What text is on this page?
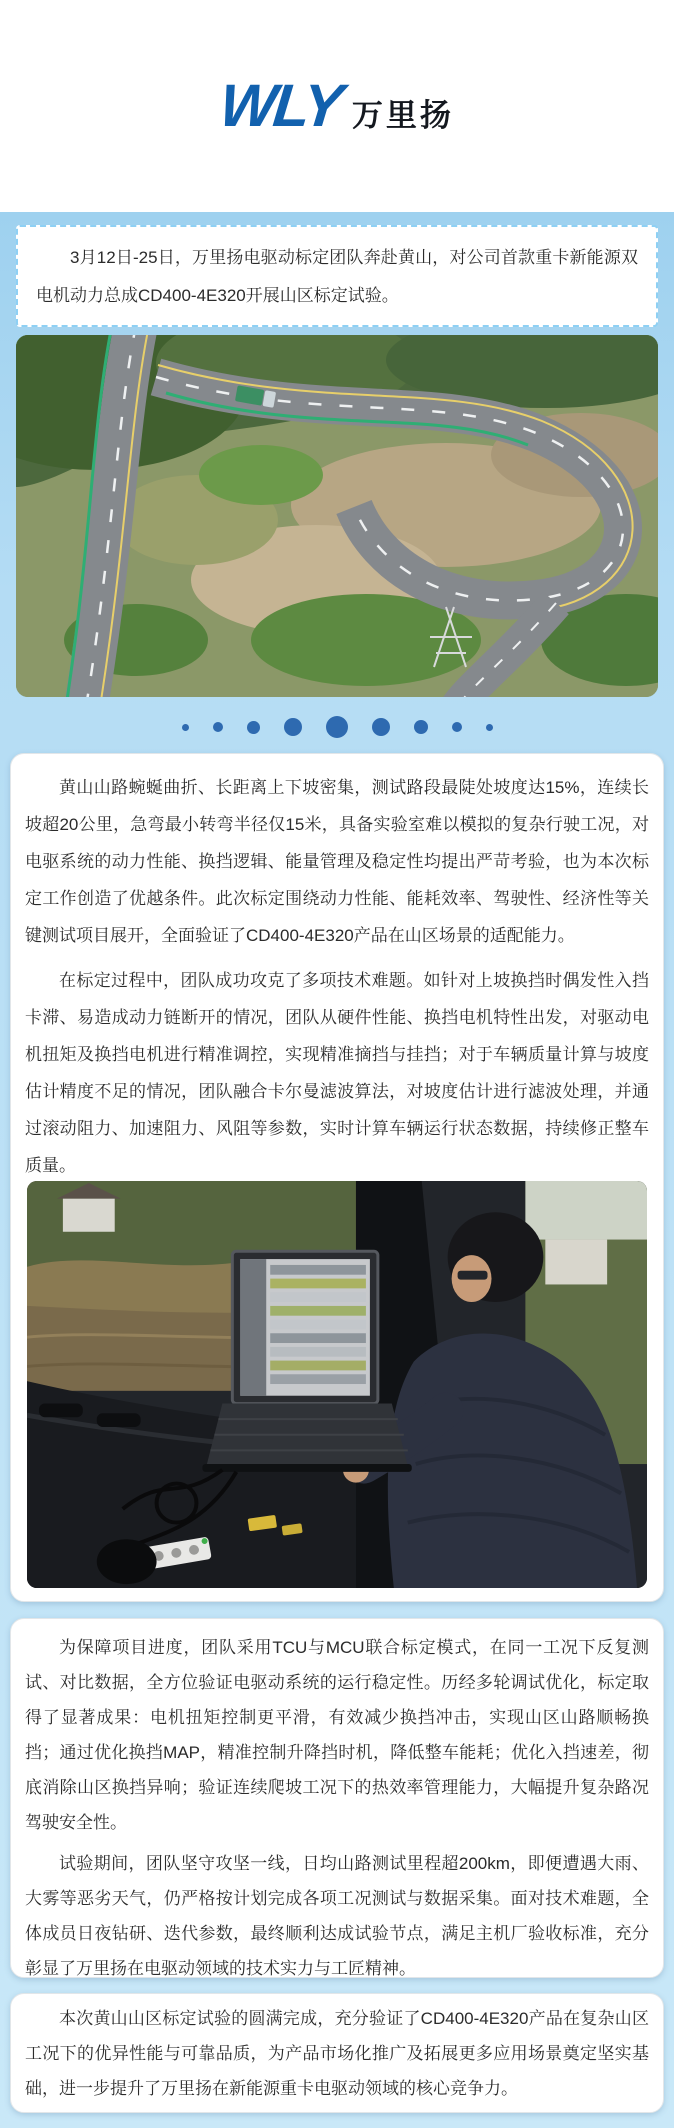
WLY 万里扬

3月12日-25日，万里扬电驱动标定团队奔赴黄山，对公司首款重卡新能源双电机动力总成CD400-4E320开展山区标定试验。

黄山山路蜿蜒曲折、长距离上下坡密集，测试路段最陡处坡度达15%，连续长坡超20公里，急弯最小转弯半径仅15米，具备实验室难以模拟的复杂行驶工况，对电驱系统的动力性能、换挡逻辑、能量管理及稳定性均提出严苛考验，也为本次标定工作创造了优越条件。此次标定围绕动力性能、能耗效率、驾驶性、经济性等关键测试项目展开，全面验证了CD400-4E320产品在山区场景的适配能力。

在标定过程中，团队成功攻克了多项技术难题。如针对上坡换挡时偶发性入挡卡滞、易造成动力链断开的情况，团队从硬件性能、换挡电机特性出发，对驱动电机扭矩及换挡电机进行精准调控，实现精准摘挡与挂挡；对于车辆质量计算与坡度估计精度不足的情况，团队融合卡尔曼滤波算法，对坡度估计进行滤波处理，并通过滚动阻力、加速阻力、风阻等参数，实时计算车辆运行状态数据，持续修正整车质量。

为保障项目进度，团队采用TCU与MCU联合标定模式，在同一工况下反复测试、对比数据，全方位验证电驱动系统的运行稳定性。历经多轮调试优化，标定取得了显著成果：电机扭矩控制更平滑，有效减少换挡冲击，实现山区山路顺畅换挡；通过优化换挡MAP，精准控制升降挡时机，降低整车能耗；优化入挡速差，彻底消除山区换挡异响；验证连续爬坡工况下的热效率管理能力，大幅提升复杂路况驾驶安全性。

试验期间，团队坚守攻坚一线，日均山路测试里程超200km，即便遭遇大雨、大雾等恶劣天气，仍严格按计划完成各项工况测试与数据采集。面对技术难题，全体成员日夜钻研、迭代参数，最终顺利达成试验节点，满足主机厂验收标准，充分彰显了万里扬在电驱动领域的技术实力与工匠精神。

本次黄山山区标定试验的圆满完成，充分验证了CD400-4E320产品在复杂山区工况下的优异性能与可靠品质，为产品市场化推广及拓展更多应用场景奠定坚实基础，进一步提升了万里扬在新能源重卡电驱动领域的核心竞争力。
